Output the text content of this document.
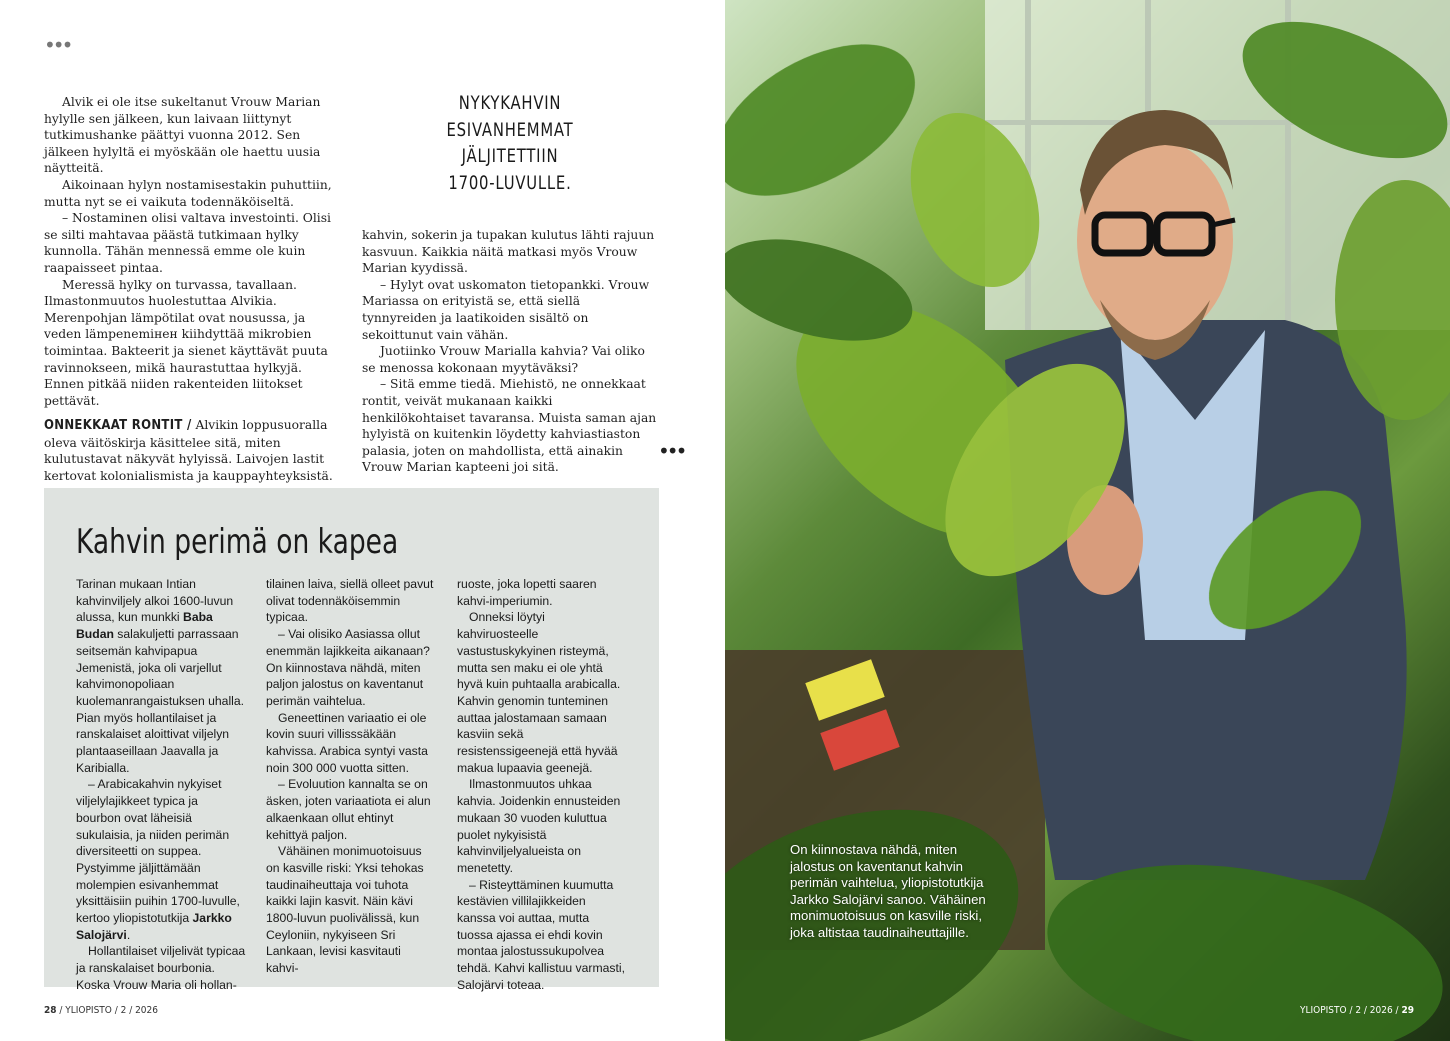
•••

Alvik ei ole itse sukeltanut Vrouw Marian hylylle sen jälkeen, kun laivaan liittynyt tutkimushanke päättyi vuonna 2012. Sen jälkeen hylyltä ei myöskään ole haettu uusia näytteitä.

Aikoinaan hylyn nostamisestakin puhuttiin, mutta nyt se ei vaikuta todennäköiseltä.

– Nostaminen olisi valtava investointi. Olisi se silti mahtavaa päästä tutkimaan hylky kunnolla. Tähän mennessä emme ole kuin raapaisseet pintaa.

Meressä hylky on turvassa, tavallaan. Ilmastonmuutos huolestuttaa Alvikia. Merenpohjan lämpötilat ovat nousussa, ja veden lämpenemінен kiihdyttää mikrobien toimintaa. Bakteerit ja sienet käyttävät puuta ravinnokseen, mikä haurastuttaa hylkyjä. Ennen pitkää niiden rakenteiden liitokset pettävät.

ONNEKKAAT RONTIT / Alvikin loppusuoralla oleva väitöskirja käsittelee sitä, miten kulutustavat näkyvät hylyissä. Laivojen lastit kertovat kolonialismista ja kauppayhteyksistä.

NYKYKAHVIN
ESIVANHEMMAT
JÄLJITETTIIN
1700-LUVULLE.

kahvin, sokerin ja tupakan kulutus lähti rajuun kasvuun. Kaikkia näitä matkasi myös Vrouw Marian kyydissä.

– Hylyt ovat uskomaton tietopankki. Vrouw Mariassa on erityistä se, että siellä tynnyreiden ja laatikoiden sisältö on sekoittunut vain vähän.

Juotiinko Vrouw Marialla kahvia? Vai oliko se menossa kokonaan myytäväksi?

– Sitä emme tiedä. Miehistö, ne onnekkaat rontit, veivät mukanaan kaikki henkilökohtaiset tavaransa. Muista saman ajan hylyistä on kuitenkin löydetty kahviastiaston palasia, joten on mahdollista, että ainakin Vrouw Marian kapteeni joi sitä.

•••
Kahvin perimä on kapea

Tarinan mukaan Intian kahvinviljely alkoi 1600-luvun alussa, kun munkki Baba Budan salakuljetti parrassaan seitsemän kahvipapua Jemenistä, joka oli varjellut kahvimonopoliaan kuolemanrangaistuksen uhalla. Pian myös hollantilaiset ja ranskalaiset aloittivat viljelyn plantaaseillaan Jaavalla ja Karibialla.

– Arabicakahvin nykyiset viljelylajikkeet typica ja bourbon ovat läheisiä sukulaisia, ja niiden perimän diversiteetti on suppea. Pystyimme jäljittämään molempien esivanhemmat yksittäisiin puihin 1700-luvulle, kertoo yliopistotutkija Jarkko Salojärvi.

Hollantilaiset viljelivät typicaa ja ranskalaiset bourbonia. Koska Vrouw Maria oli hollan-

tilainen laiva, siellä olleet pavut olivat todennäköisemmin typicaa.

– Vai olisiko Aasiassa ollut enemmän lajikkeita aikanaan? On kiinnostava nähdä, miten paljon jalostus on kaventanut perimän vaihtelua.

Geneettinen variaatio ei ole kovin suuri villisssäkään kahvissa. Arabica syntyi vasta noin 300 000 vuotta sitten.

– Evoluution kannalta se on äsken, joten variaatiota ei alun alkaenkaan ollut ehtinyt kehittyä paljon.

Vähäinen monimuotoisuus on kasville riski: Yksi tehokas taudinaiheuttaja voi tuhota kaikki lajin kasvit. Näin kävi 1800-luvun puolivälissä, kun Ceyloniin, nykyiseen Sri Lankaan, levisi kasvitauti kahvi-

ruoste, joka lopetti saaren kahvi-imperiumin.

Onneksi löytyi kahviruosteelle vastustuskykyinen risteymä, mutta sen maku ei ole yhtä hyvä kuin puhtaalla arabicalla. Kahvin genomin tunteminen auttaa jalostamaan samaan kasviin sekä resistenssigeenejä että hyvää makua lupaavia geenejä.

Ilmastonmuutos uhkaa kahvia. Joidenkin ennusteiden mukaan 30 vuoden kuluttua puolet nykyisistä kahvinviljelyalueista on menetetty.

– Risteyttäminen kuumutta kestävien villilajikkeiden kanssa voi auttaa, mutta tuossa ajassa ei ehdi kovin montaa jalostussukupolvea tehdä. Kahvi kallistuu varmasti, Salojärvi toteaa.

28 / YLIOPISTO / 2 / 2026
On kiinnostava nähdä, miten jalostus on kaventanut kahvin perimän vaihtelua, yliopistotutkija Jarkko Salojärvi sanoo. Vähäinen monimuotoisuus on kasville riski, joka altistaa taudinaiheuttajille.
YLIOPISTO / 2 / 2026 / 29
